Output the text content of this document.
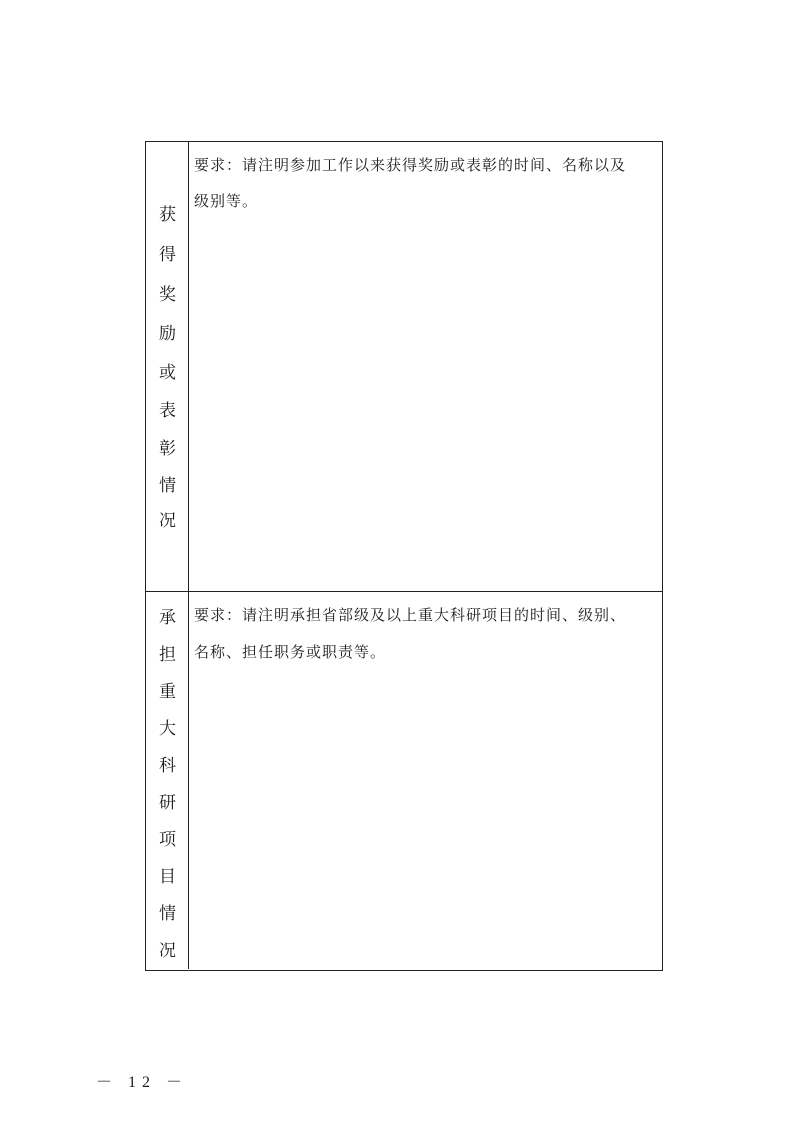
获
得
奖
励
或
表
彰
情
况
要求：请注明参加工作以来获得奖励或表彰的时间、名称以及
级别等。
承
担
重
大
科
研
项
目
情
况
要求：请注明承担省部级及以上重大科研项目的时间、级别、
名称、担任职务或职责等。
－ 12 －
